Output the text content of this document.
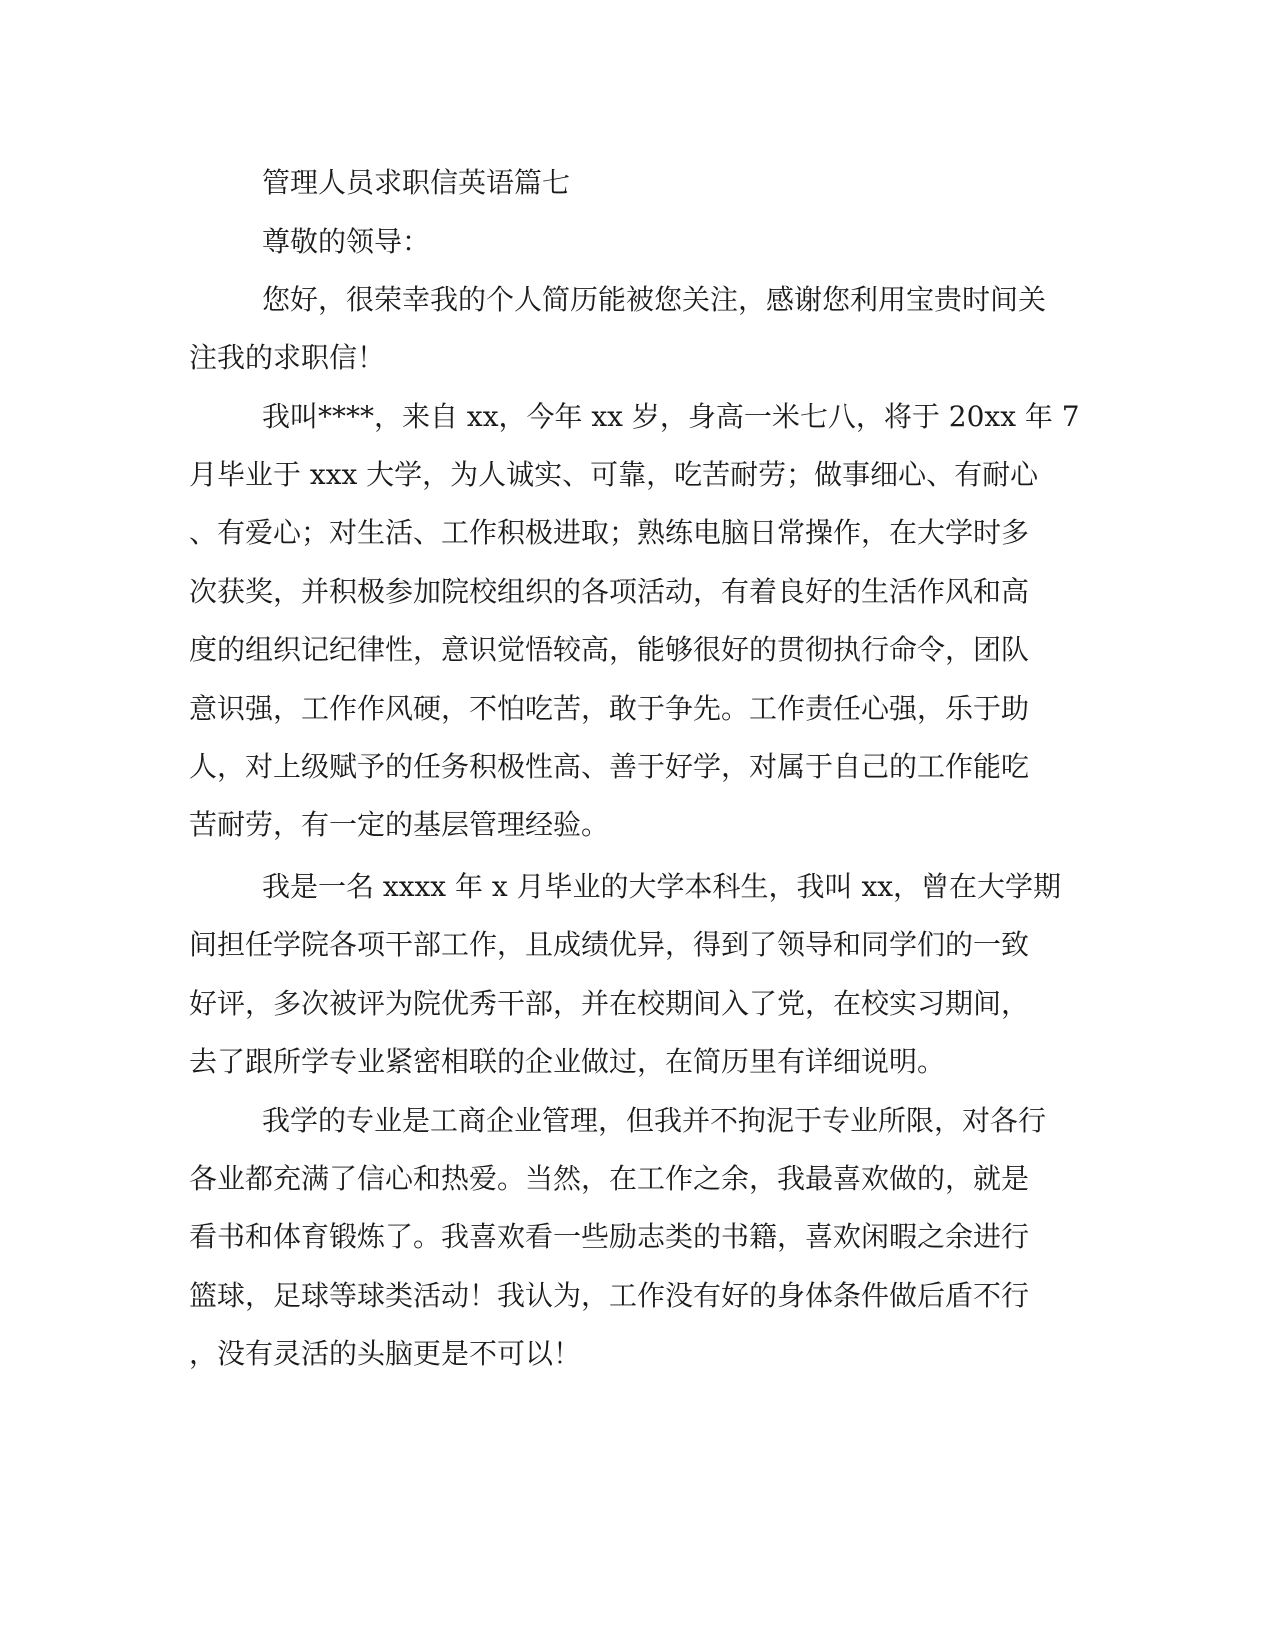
管理人员求职信英语篇七

尊敬的领导：

您好，很荣幸我的个人简历能被您关注，感谢您利用宝贵时间关

注我的求职信！

我叫****，来自 xx，今年 xx 岁，身高一米七八，将于 20xx 年 7

月毕业于 xxx 大学，为人诚实、可靠，吃苦耐劳；做事细心、有耐心

、有爱心；对生活、工作积极进取；熟练电脑日常操作，在大学时多

次获奖，并积极参加院校组织的各项活动，有着良好的生活作风和高

度的组织记纪律性，意识觉悟较高，能够很好的贯彻执行命令，团队

意识强，工作作风硬，不怕吃苦，敢于争先。工作责任心强，乐于助

人，对上级赋予的任务积极性高、善于好学，对属于自己的工作能吃

苦耐劳，有一定的基层管理经验。

我是一名 xxxx 年 x 月毕业的大学本科生，我叫 xx，曾在大学期

间担任学院各项干部工作，且成绩优异，得到了领导和同学们的一致

好评，多次被评为院优秀干部，并在校期间入了党，在校实习期间，

去了跟所学专业紧密相联的企业做过，在简历里有详细说明。

我学的专业是工商企业管理，但我并不拘泥于专业所限，对各行

各业都充满了信心和热爱。当然，在工作之余，我最喜欢做的，就是

看书和体育锻炼了。我喜欢看一些励志类的书籍，喜欢闲暇之余进行

篮球，足球等球类活动！我认为，工作没有好的身体条件做后盾不行

，没有灵活的头脑更是不可以！
